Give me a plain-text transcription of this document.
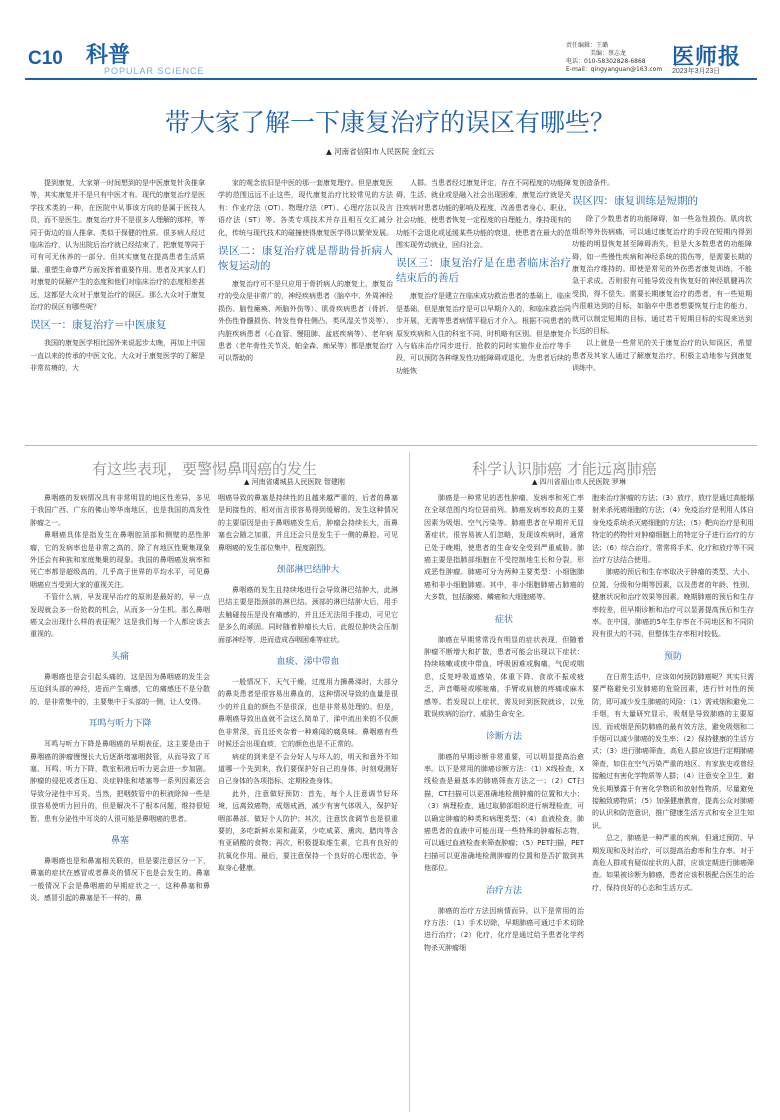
C10 科普
POPULAR SCIENCE
责任编辑：王璐
美编：蔡志龙
电话：010-58302828-6868
E-mail：qingyanguan@163.com 医师报
2023年3月23日
带大家了解一下康复治疗的误区有哪些？
▲ 河南省信阳市人民医院 金红云

提到康复，大家第一时间想到的是中医康复针灸推拿等，其实康复并不是只有中医才有。现代的康复治疗是医学技术类的一种，在医院中从事该方向的是属于医技人员，而不是医生。康复治疗并不是很多人理解的那样，等同于街边的盲人推拿、类似于保健的性质。很多病人经过临床治疗，认为出院后治疗就已经结束了，把康复等同于可有可无休养的一部分。但其实康复在提高患者生活质量、重塑生命尊严方面发挥着重要作用。患者及其家人们对康复的误解产生的态度和他们对临床治疗的态度相差甚远，这都是大众对于康复治疗的误区。那么大众对于康复治疗的误区有哪些呢？

误区一：康复治疗＝中医康复

我国的康复医学相比国外来说起步太晚，再加上中国一直以来的传承的中医文化，大众对于康复医学的了解是非常贫瘠的，大

家的观念依旧是中医的那一套康复理疗。但是康复医学的范围远远不止这些，现代康复治疗比较常见的方法有：作业疗法（OT）、物理疗法（PT）、心理疗法以及言语疗法（ST）等。各类专项技术并存且相互交汇减分化，传统与现代技术的碰撞使得康复医学得以繁荣发展。

误区二：康复治疗就是帮助骨折病人恢复运动的

康复治疗可不是只应用于骨折病人的康复上，康复治疗的受众是非常广的，神经疾病患者（脑卒中、外周神经损伤、脑性瘫痪、颅脑外伤等）、肌骨疾病患者（骨折、外伤性脊髓损伤、特发性脊柱侧凸、类风湿关节炎等）、内脏疾病患者（心血管、慢阻肺、盆底疾病等）、老年病患者（老年骨性关节炎、帕金森、痴呆等）都是康复治疗可以帮助的

人群。当患者经过康复评定，存在不同程度的功能障碍，生活、就业或是融入社会出现困难，康复治疗就是关注疾病对患者功能的影响及程度，改善患者身心、职业、社会功能，使患者恢复一定程度的自理能力，维持现有的功能不会退化或延缓某些功能的衰退，使患者在最大的范围实现劳动就业，回归社会。

误区三：康复治疗是在患者临床治疗结束后的善后

康复治疗是建立在临床成功救治患者的基础上，临床是基础，但是康复治疗是可以早期介入的，和临床救治同步开展，无需等患者病情平稳后才介入。根据不同患者的原发疾病和入住的科室不同，时机略有区别。但是康复介入与临床治疗同步进行，抢救的同时实施作业治疗等手段，可以预防各种继发性功能障碍或退化，为患者后续的功能恢

复创造条件。

误区四：康复训练是短期的

除了少数患者的功能障碍，如一些急性损伤、肌肉软组织等外伤病痛，可以通过康复治疗的手段在短期内得到功能的明显恢复甚至障碍消失。但是大多数患者的功能障碍，如一些慢性疾病和神经系统的损伤等，是需要长期的康复治疗维持的。即使是常见的外伤患者康复训练，不能急于求成。否则很有可能导致没有恢复好的神经肌腱再次受损，得不偿失。需要长期康复治疗的患者，有一些短期内很难达到的目标，如脑卒中患者想要恢复行走的能力，就可以制定短期的目标，通过若干短期目标的实现来达到长远的目标。

以上就是一些常见的关于康复治疗的认知误区，希望患者及其家人通过了解康复治疗，积极主动地参与到康复训练中。

有这些表现，要警惕鼻咽癌的发生
▲ 河南省虞城县人民医院 智建刚

鼻咽癌的发病情况具有非常明显的地区性差异，多见于我国广西、广东的佛山等华南地区，也是我国的高发性肿瘤之一。

鼻咽癌具体是指发生在鼻咽腔顶部和侧壁的恶性肿瘤，它的发病率也是非常之高的，除了有地区性聚集现象外还会有种族和家庭集聚的现象。我国的鼻咽癌发病率和死亡率都是超级高的，几乎高于世界的平均水平，可见鼻咽癌应当受到大家的重视关注。

不管什么病，早发现早治疗的原则是最好的，早一点发现就会多一份抢救的机会，从而多一分生机。那么鼻咽癌又会出现什么样的表征呢？这是我们每一个人都应该去重视的。

头痛

鼻咽癌也是会引起头痛的，这是因为鼻咽癌的发生会压迫到头部的神经，进而产生痛感，它的痛感还不是分散的，是非常集中的，主要集中于头部的一侧，让人变得。

耳鸣与听力下降

耳鸣与听力下降是鼻咽癌的早期表征，这主要是由于鼻咽癌的肿瘤慢慢长大后逐渐堵塞咽鼓管，从而导致了耳塞、耳鸣、听力下降，数室积液后听力更会进一步加剧。肿瘤的侵犯或者压迫、炎症肿胀和堵塞等一系列因素还会导致分泌性中耳炎。当然，把咽鼓管中的积液除掉一些是很容易使听力回升的，但是解决不了根本问题，维持很短暂，患有分泌性中耳炎的人很可能是鼻咽癌的患者。

鼻塞

鼻咽癌也是和鼻塞相关联的，但是要注意区分一下，鼻塞的症状在感冒或者鼻炎的情况下也是会发生的。鼻塞一般情况下会是鼻咽癌的早期症状之一，这种鼻塞和鼻炎、感冒引起的鼻塞是不一样的，鼻

咽癌导致的鼻塞是持续性的且越来越严重的，后者的鼻塞是间接性的，相对而言很容易得到缓解的。发生这种情况的主要原因是由于鼻咽癌发生后，肿瘤会持续长大，而鼻塞也会随之加重，并且还会只是发生于一侧的鼻腔。可见鼻咽癌的发生部位集中，程度剧烈。

颈部淋巴结肿大

鼻咽癌的发生且持续地进行会导致淋巴结肿大，此淋巴结主要是指颈部的淋巴结。颈部的淋巴结肿大后，用手去触碰按压是没有痛感的，并且还无法用手推动，可见它是多么的顽固。同时随着肿瘤长大后，此般位肿块会压制面部神经等，进而造成吞咽困难等症状。

血痰、涕中带血

一般情况下，天气干燥，过度用力擤鼻涕时，大部分的鼻炎患者是很容易出鼻血的，这种情况导致的血量是很少的并且血的颜色不是很深，也是非常易处理的。但是，鼻咽癌导致出血就不会这么简单了，涕中流出来的不仅颜色非常深，而且还夹杂着一种难闻的腐臭味。鼻咽癌有些时候还会出现血痰，它的颜色也是不正常的。

病症的到来是不会分好人与坏人的，明天和意外不知道哪一个先到来，我们要保护好自己的身体，时刻观测好自己身体的各项指标，定期检查身体。

此外，注意做好预防：首先，每个人注意调节好环境，远离致癌物，戒烟戒酒，减少有害气体吸入，保护好咽部鼻部，做好个人防护；其次，注意饮食调节也是很重要的，多吃新鲜水果和蔬菜，少吃咸菜、熏肉、腊肉等含有亚硝酸的食物；再次，积极提取维生素，它具有良好的抗氧化作用。最后，要注意保持一个良好的心理状态，争取身心健康。

科学认识肺癌 才能远离肺癌
▲ 四川省眉山市人民医院 罗琳

肺癌是一种常见的恶性肿瘤，发病率和死亡率在全球范围内均位居前列。肺癌发病率较高的主要因素为吸烟、空气污染等。肺癌患者在早期并无显著症状，很容易被人们忽略，发现该疾病时，通常已处于晚期，使患者的生命安全受到严重威胁。肺癌主要是指肺部细胞在不受控制地生长和分裂，形成恶性肿瘤。肺癌可分为两种主要类型：小细胞肺癌和非小细胞肺癌。其中，非小细胞肺癌占肺癌的大多数，包括腺癌、鳞癌和大细胞癌等。

症状

肺癌在早期常常没有明显的症状表现，但随着肿瘤不断增大和扩散，患者可能会出现以下症状：持续咳嗽或痰中带血，呼吸困难或胸痛，气促或喘息，反复呼吸道感染，体重下降、食欲不振或疲乏，声音嘶哑或喉咙痛，手臂或肩膀的疼痛或麻木感等。若发现以上症状，需及时到医院就诊，以免耽误疾病的治疗，威胁生命安全。

诊断方法

肺癌的早期诊断非常重要，可以明显提高治愈率。以下是常用的肺癌诊断方法：（1）X线检查，X线检查是最基本的肺癌筛查方法之一；（2）CT扫描，CT扫描可以更准确地检测肿瘤的位置和大小；（3）病理检查，通过取肺部组织进行病理检查，可以确定肿瘤的种类和病理类型；（4）血液检查，肺癌患者的血液中可能出现一些特殊的肿瘤标志物，可以通过血液检查来筛查肿瘤；（5）PET扫描，PET扫描可以更准确地检测肿瘤的位置和是否扩散到其他部位。

治疗方法

肺癌的治疗方法因病情而异，以下是常用的治疗方法：（1）手术切除，早期肺癌可通过手术切除进行治疗；（2）化疗，化疗是通过给予患者化学药物杀灭肿瘤细

胞来治疗肿瘤的方法；（3）放疗，放疗是通过高能辐射来杀死癌细胞的方法；（4）免疫治疗是利用人体自身免疫系统杀灭癌细胞的方法；（5）靶向治疗是利用特定的药物针对肿瘤细胞上的特定分子进行治疗的方法；（6）综合治疗，常常将手术、化疗和放疗等不同治疗方法结合使用。

肺癌的预后和生存率取决于肿瘤的类型、大小、位置、分级和分期等因素，以及患者的年龄、性别、健康状况和治疗效果等因素。晚期肺癌的预后和生存率较差，但早期诊断和治疗可以显著提高预后和生存率。在中国，肺癌的5年生存率在不同地区和不同阶段有很大的不同，但整体生存率相对较低。

预防

在日常生活中，应该如何预防肺癌呢？其实只需要严格避免引发肺癌的危险因素，进行针对性的预防，即可减少发生肺癌的风险：（1）需戒烟和避免二手烟，有大量研究显示，吸烟是导致肺癌的主要原因，而戒烟是预防肺癌的最有效方法，避免吸烟和二手烟可以减少肺癌的发生率；（2）保持健康的生活方式；（3）进行肺癌筛查，高危人群应该进行定期肺癌筛查，如住在空气污染严重的地区、有家族史或曾经接触过有害化学物质等人群；（4）注意安全卫生，避免长期暴露于有害化学物质和放射性物质，尽量避免接触致癌物质；（5）加强健康教育，提高公众对肺癌的认识和防范意识，推广健康生活方式和安全卫生知识。

总之，肺癌是一种严重的疾病，但通过预防、早期发现和及时治疗，可以提高治愈率和生存率。对于高危人群或有疑似症状的人群，应该定期进行肺癌筛查。如果被诊断为肺癌，患者应该积极配合医生的治疗，保持良好的心态和生活方式。
